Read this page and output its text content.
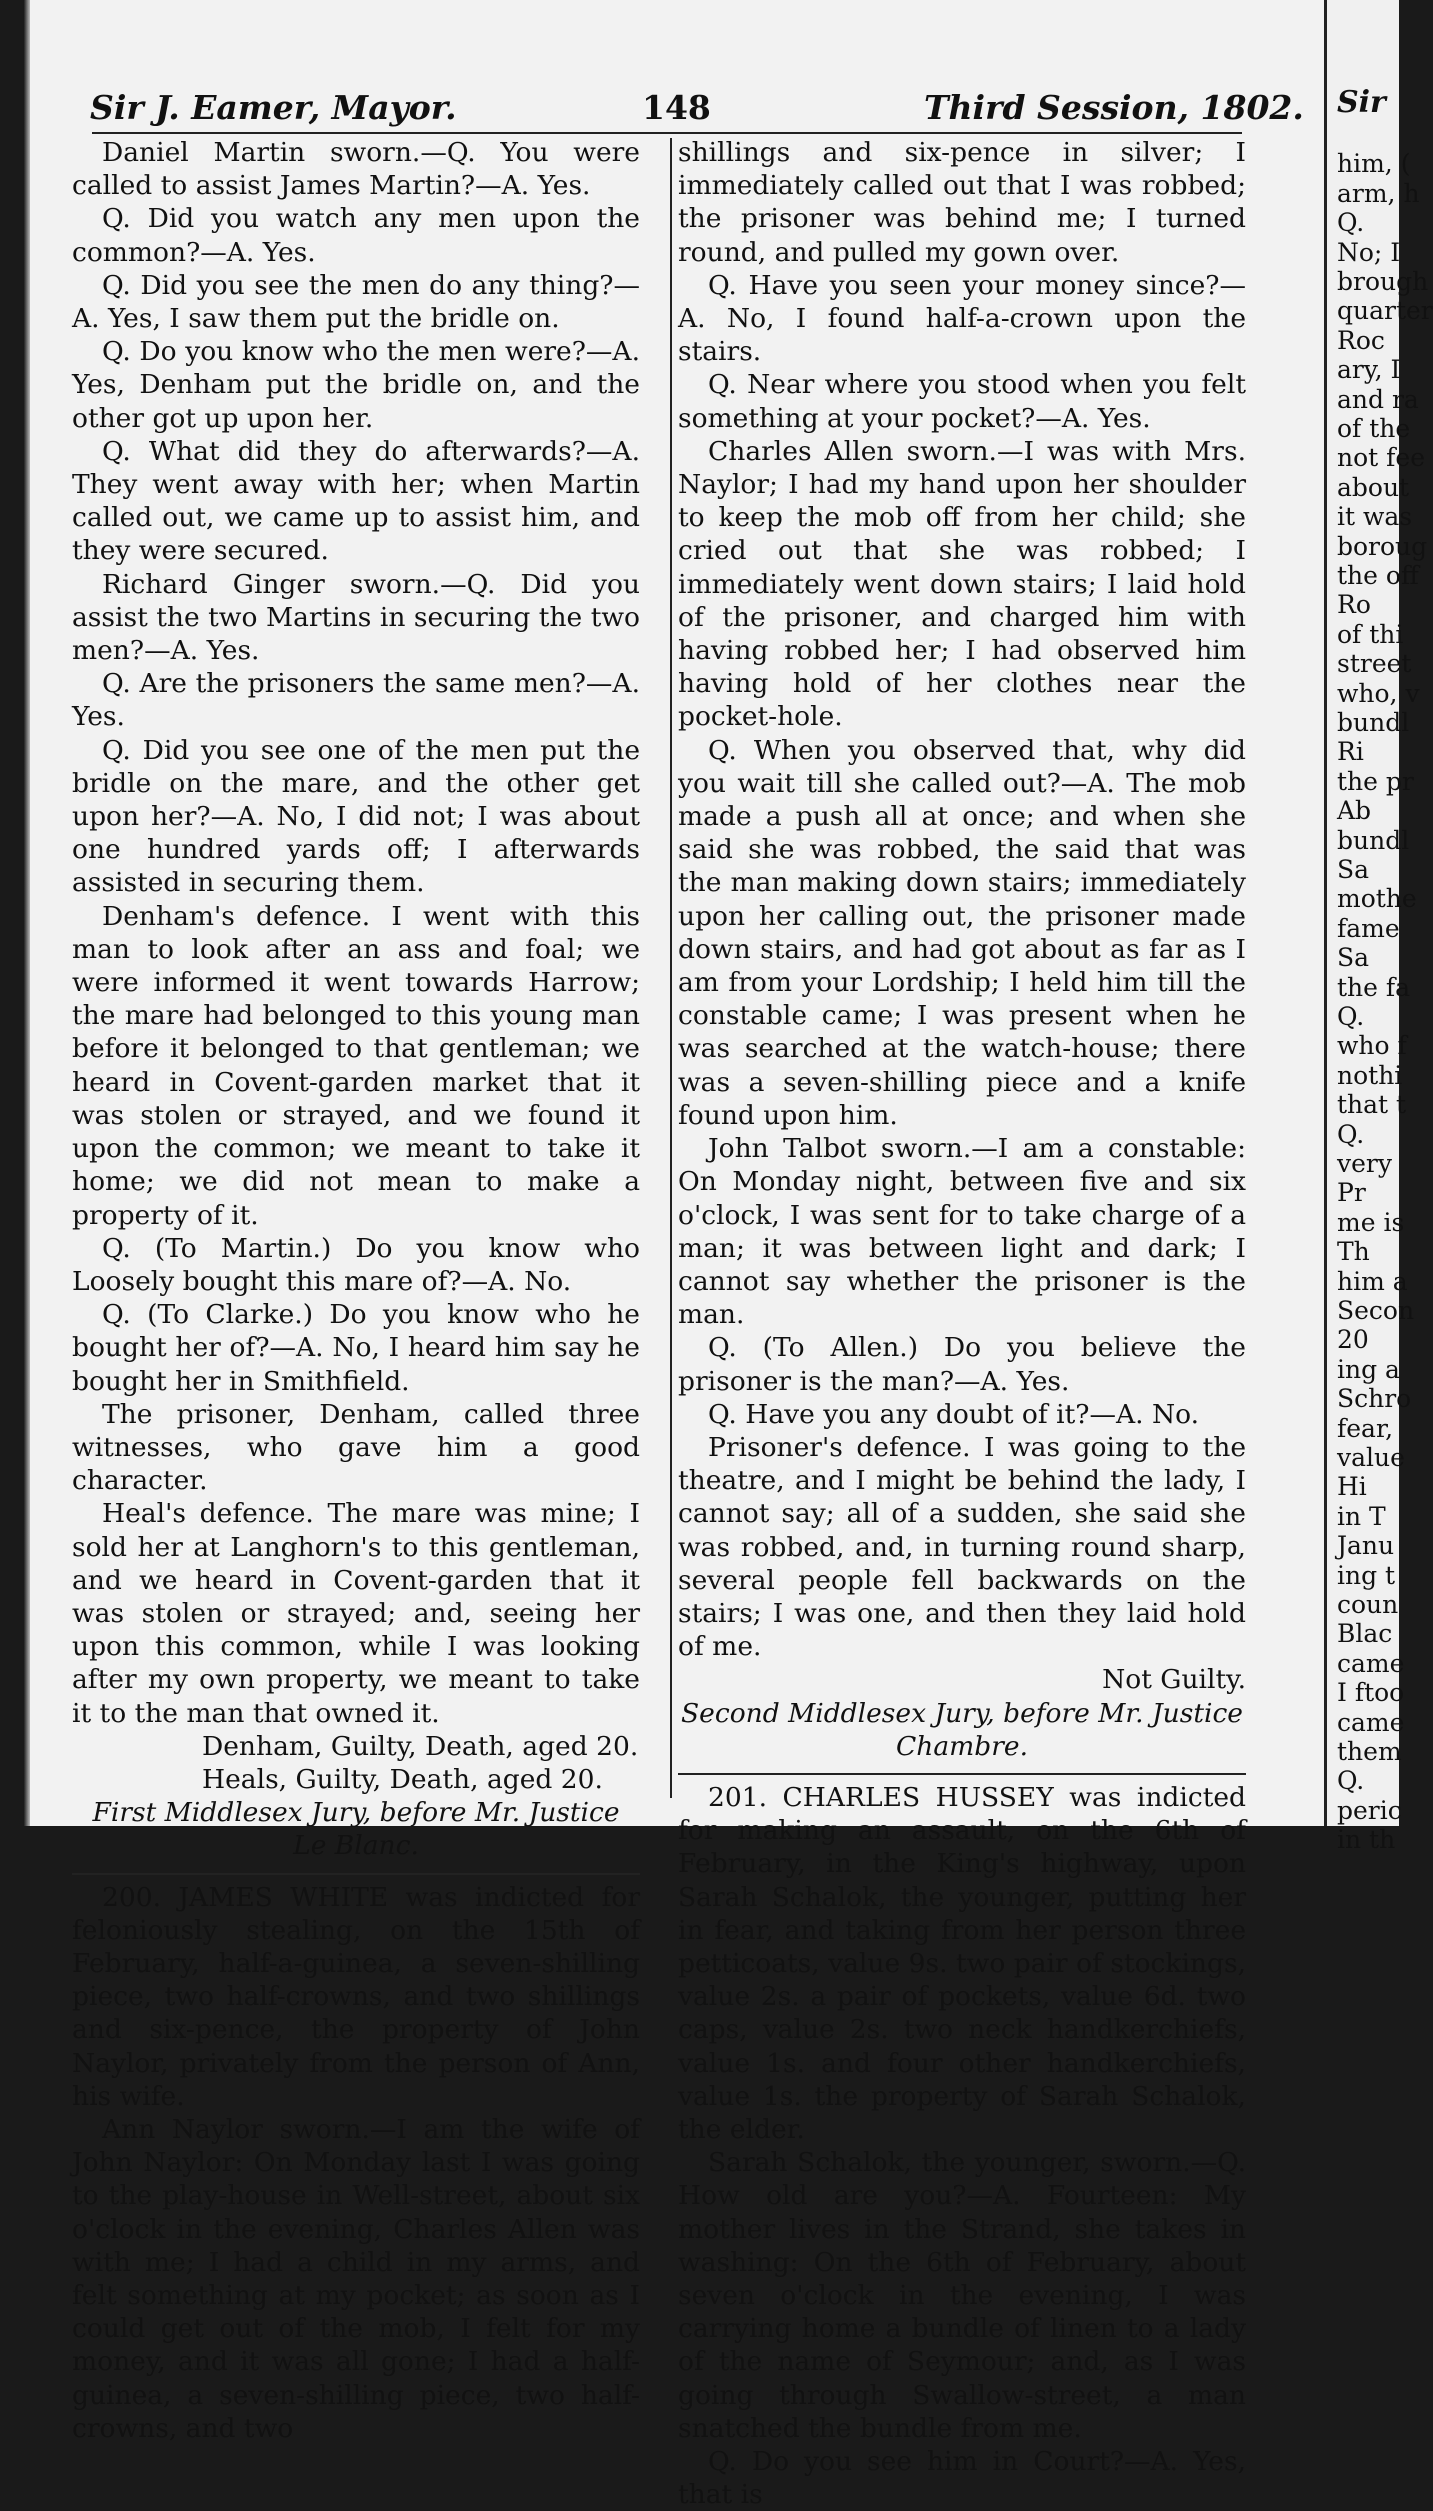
Sir J. Eamer, Mayor.	148	Third Session, 1802.

Daniel Martin sworn.—Q. You were called to assist James Martin?—A. Yes.

Q. Did you watch any men upon the common?—A. Yes.

Q. Did you see the men do any thing?—A. Yes, I saw them put the bridle on.

Q. Do you know who the men were?—A. Yes, Denham put the bridle on, and the other got up upon her.

Q. What did they do afterwards?—A. They went away with her; when Martin called out, we came up to assist him, and they were secured.

Richard Ginger sworn.—Q. Did you assist the two Martins in securing the two men?—A. Yes.

Q. Are the prisoners the same men?—A. Yes.

Q. Did you see one of the men put the bridle on the mare, and the other get upon her?—A. No, I did not; I was about one hundred yards off; I afterwards assisted in securing them.

Denham's defence. I went with this man to look after an ass and foal; we were informed it went towards Harrow; the mare had belonged to this young man before it belonged to that gentleman; we heard in Covent-garden market that it was stolen or strayed, and we found it upon the common; we meant to take it home; we did not mean to make a property of it.

Q. (To Martin.) Do you know who Loosely bought this mare of?—A. No.

Q. (To Clarke.) Do you know who he bought her of?—A. No, I heard him say he bought her in Smithfield.

The prisoner, Denham, called three witnesses, who gave him a good character.

Heal's defence. The mare was mine; I sold her at Langhorn's to this gentleman, and we heard in Covent-garden that it was stolen or strayed; and, seeing her upon this common, while I was looking after my own property, we meant to take it to the man that owned it.

Denham, Guilty, Death, aged 20.

Heals, Guilty, Death, aged 20.

First Middlesex Jury, before Mr. Justice Le Blanc.

200. JAMES WHITE was indicted for feloniously stealing, on the 15th of February, half-a-guinea, a seven-shilling piece, two half-crowns, and two shillings and six-pence, the property of John Naylor, privately from the person of Ann, his wife.

Ann Naylor sworn.—I am the wife of John Naylor: On Monday last I was going to the play-house in Well-street, about six o'clock in the evening, Charles Allen was with me; I had a child in my arms, and felt something at my pocket; as soon as I could get out of the mob, I felt for my money, and it was all gone; I had a half-guinea, a seven-shilling piece, two half-crowns, and two

shillings and six-pence in silver; I immediately called out that I was robbed; the prisoner was behind me; I turned round, and pulled my gown over.

Q. Have you seen your money since?—A. No, I found half-a-crown upon the stairs.

Q. Near where you stood when you felt something at your pocket?—A. Yes.

Charles Allen sworn.—I was with Mrs. Naylor; I had my hand upon her shoulder to keep the mob off from her child; she cried out that she was robbed; I immediately went down stairs; I laid hold of the prisoner, and charged him with having robbed her; I had observed him having hold of her clothes near the pocket-hole.

Q. When you observed that, why did you wait till she called out?—A. The mob made a push all at once; and when she said she was robbed, the said that was the man making down stairs; immediately upon her calling out, the prisoner made down stairs, and had got about as far as I am from your Lordship; I held him till the constable came; I was present when he was searched at the watch-house; there was a seven-shilling piece and a knife found upon him.

John Talbot sworn.—I am a constable: On Monday night, between five and six o'clock, I was sent for to take charge of a man; it was between light and dark; I cannot say whether the prisoner is the man.

Q. (To Allen.) Do you believe the prisoner is the man?—A. Yes.

Q. Have you any doubt of it?—A. No.

Prisoner's defence. I was going to the theatre, and I might be behind the lady, I cannot say; all of a sudden, she said she was robbed, and, in turning round sharp, several people fell backwards on the stairs; I was one, and then they laid hold of me.

Not Guilty.

Second Middlesex Jury, before Mr. Justice Chambre.

201. CHARLES HUSSEY was indicted for making an assault, on the 6th of February, in the King's highway, upon Sarah Schalok, the younger, putting her in fear, and taking from her person three petticoats, value 9s. two pair of stockings, value 2s. a pair of pockets, value 6d. two caps, value 2s. two neck handkerchiefs, value 1s. and four other handkerchiefs, value 1s. the property of Sarah Schalok, the elder.

Sarah Schalok, the younger, sworn.—Q. How old are you?—A. Fourteen: My mother lives in the Strand, she takes in washing: On the 6th of February, about seven o'clock in the evening, I was carrying home a bundle of linen to a lady of the name of Seymour; and, as I was going through Swallow-street, a man snatched the bundle from me.

Q. Do you see him in Court?—A. Yes, that is

Sir
him, (
arm, h
Q.
No; I
brough
quarter
Roc
ary, I
and ra
of the
not fee
about
it was
boroug
the off
Ro
of thi
street
who, v
bundl
Ri
the pr
Ab
bundl
Sa
mothe
fame
Sa
the fa
Q.
who f
nothi
that t
Q.
very
Pr
me is
Th
him a
Secon
20
ing a
Schro
fear,
value
Hi
in T
Janu
ing t
coun
Blac
came
I ftoo
came
them
Q.
peric
in th
